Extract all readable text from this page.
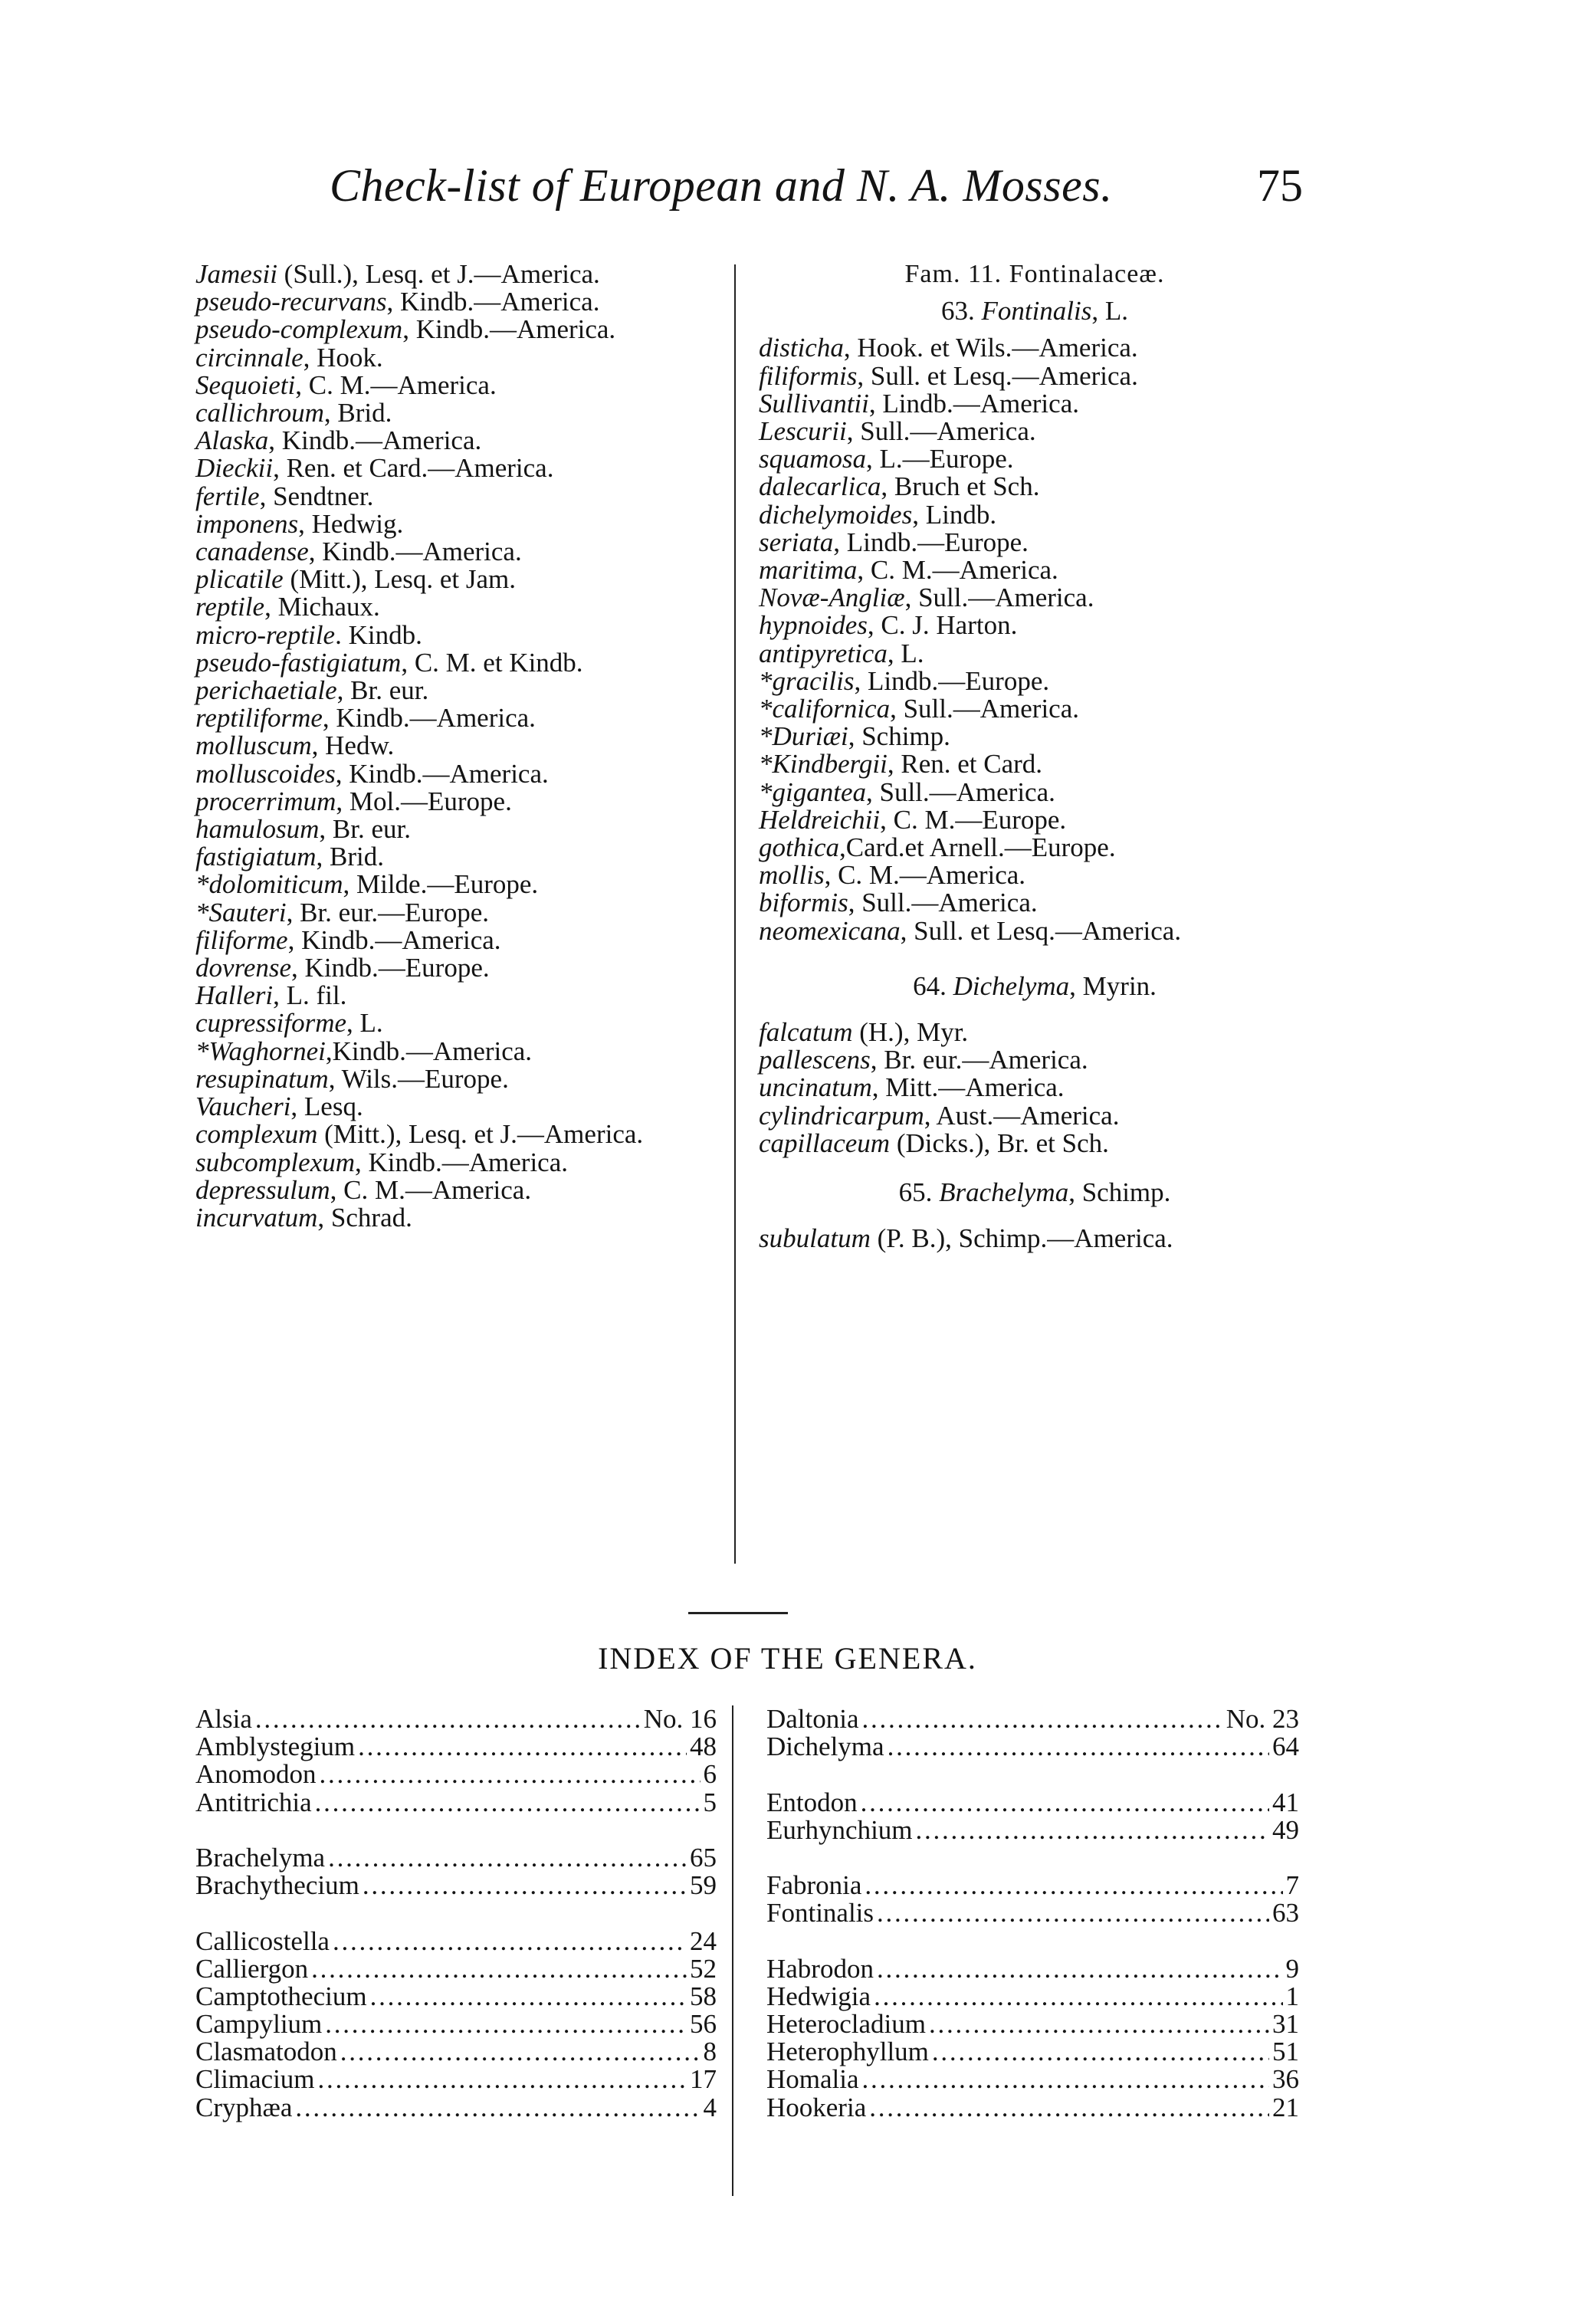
Check-list of European and N. A. Mosses.	75
Jamesii (Sull.), Lesq. et J.—America.
pseudo-recurvans, Kindb.—America.
pseudo-complexum, Kindb.—America.
circinnale, Hook.
Sequoieti, C. M.—America.
callichroum, Brid.
Alaska, Kindb.—America.
Dieckii, Ren. et Card.—America.
fertile, Sendtner.
imponens, Hedwig.
canadense, Kindb.—America.
plicatile (Mitt.), Lesq. et Jam.
reptile, Michaux.
micro-reptile. Kindb.
pseudo-fastigiatum, C. M. et Kindb.
perichaetiale, Br. eur.
reptiliforme, Kindb.—America.
molluscum, Hedw.
molluscoides, Kindb.—America.
procerrimum, Mol.—Europe.
hamulosum, Br. eur.
fastigiatum, Brid.
*dolomiticum, Milde.—Europe.
*Sauteri, Br. eur.—Europe.
filiforme, Kindb.—America.
dovrense, Kindb.—Europe.
Halleri, L. fil.
cupressiforme, L.
*Waghornei,Kindb.—America.
resupinatum, Wils.—Europe.
Vaucheri, Lesq.
complexum (Mitt.), Lesq. et J.—America.
subcomplexum, Kindb.—America.
depressulum, C. M.—America.
incurvatum, Schrad.
Fam. 11. Fontinalaceæ.
63. Fontinalis, L.
disticha, Hook. et Wils.—America.
filiformis, Sull. et Lesq.—America.
Sullivantii, Lindb.—America.
Lescurii, Sull.—America.
squamosa, L.—Europe.
dalecarlica, Bruch et Sch.
dichelymoides, Lindb.
seriata, Lindb.—Europe.
maritima, C. M.—America.
Novæ-Angliæ, Sull.—America.
hypnoides, C. J. Harton.
antipyretica, L.
*gracilis, Lindb.—Europe.
*californica, Sull.—America.
*Duriæi, Schimp.
*Kindbergii, Ren. et Card.
*gigantea, Sull.—America.
Heldreichii, C. M.—Europe.
gothica,Card.et Arnell.—Europe.
mollis, C. M.—America.
biformis, Sull.—America.
neomexicana, Sull. et Lesq.—America.
64. Dichelyma, Myrin.
falcatum (H.), Myr.
pallescens, Br. eur.—America.
uncinatum, Mitt.—America.
cylindricarpum, Aust.—America.
capillaceum (Dicks.), Br. et Sch.
65. Brachelyma, Schimp.
subulatum (P. B.), Schimp.—America.
INDEX OF THE GENERA.
Alsia . . .	No. 16
Amblystegium . . .	48
Anomodon . . .	6
Antitrichia . . .	5
Brachelyma . . .	65
Brachythecium . . .	59
Callicostella . . .	24
Calliergon . . .	52
Camptothecium . . .	58
Campylium . . .	56
Clasmatodon . . .	8
Climacium . . .	17
Cryphæa . . .	4
Daltonia . . .	No. 23
Dichelyma . . .	64
Entodon . . .	41
Eurhynchium . . .	49
Fabronia . . .	7
Fontinalis . . .	63
Habrodon . . .	9
Hedwigia . . .	1
Heterocladium . . .	31
Heterophyllum . . .	51
Homalia . . .	36
Hookeria . . .	21
